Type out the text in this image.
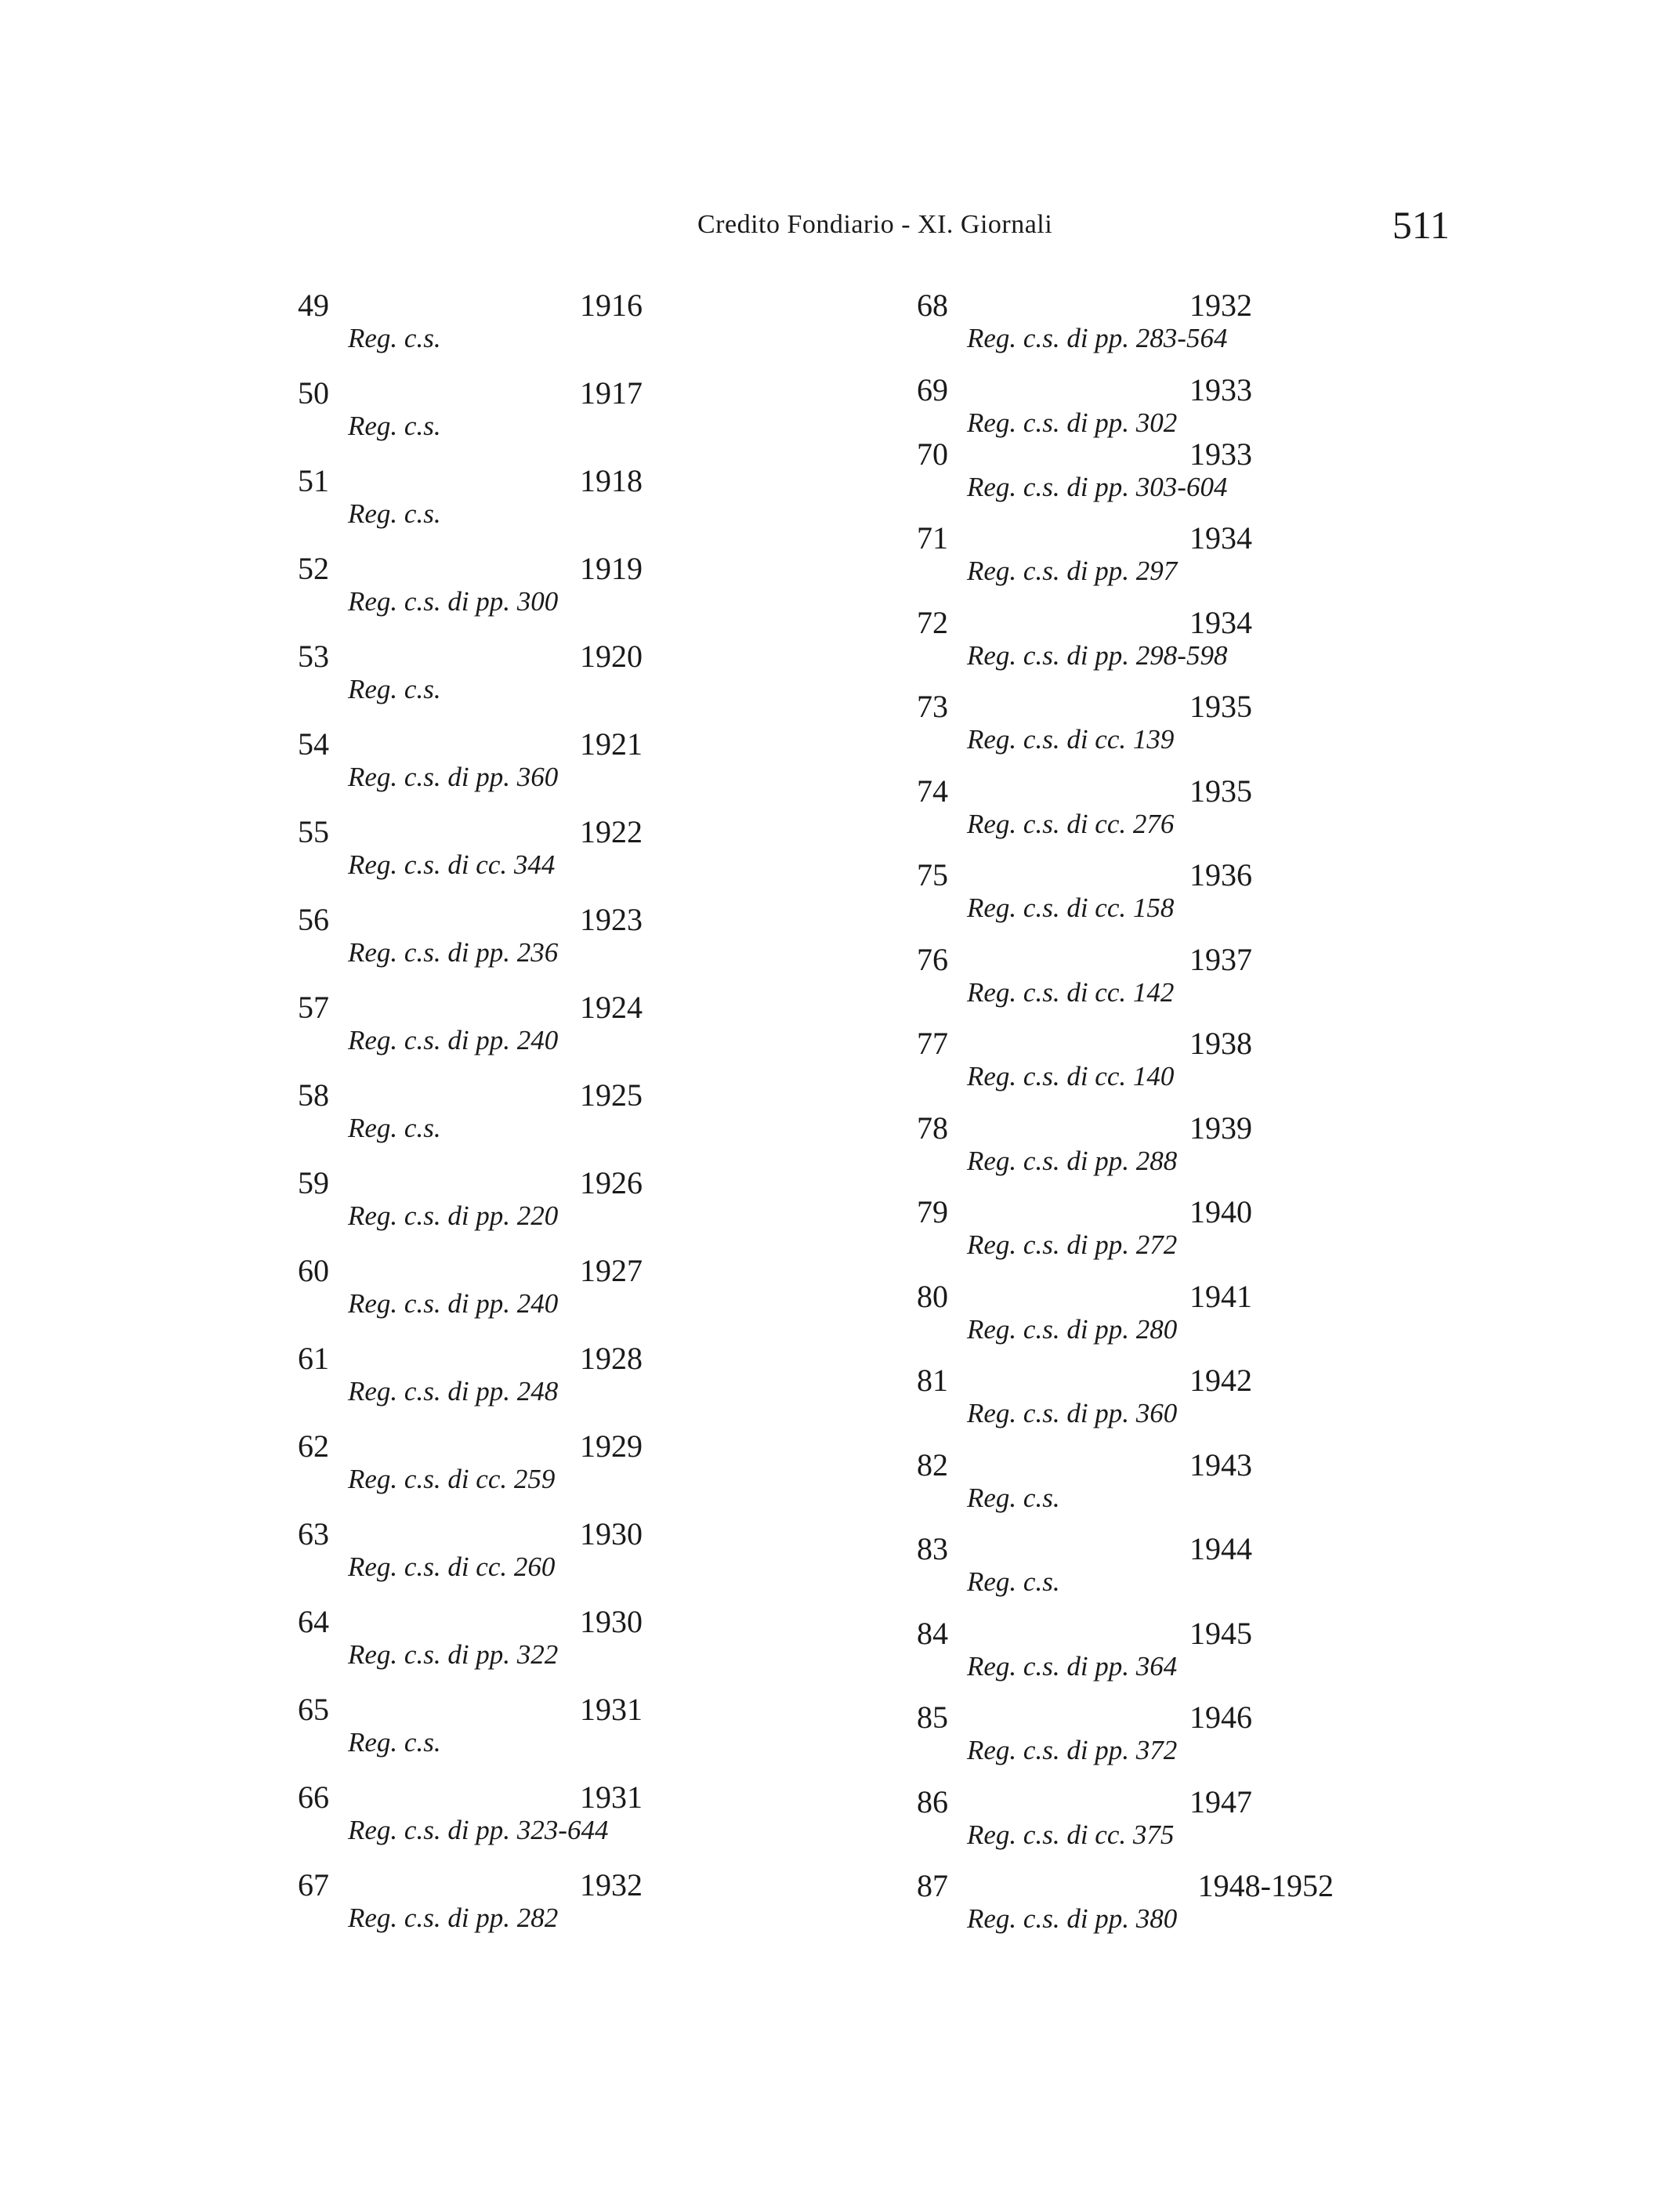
Credito Fondiario - XI. Giornali	511
49	1916
Reg. c.s.
50	1917
Reg. c.s.
51	1918
Reg. c.s.
52	1919
Reg. c.s. di pp. 300
53	1920
Reg. c.s.
54	1921
Reg. c.s. di pp. 360
55	1922
Reg. c.s. di cc. 344
56	1923
Reg. c.s. di pp. 236
57	1924
Reg. c.s. di pp. 240
58	1925
Reg. c.s.
59	1926
Reg. c.s. di pp. 220
60	1927
Reg. c.s. di pp. 240
61	1928
Reg. c.s. di pp. 248
62	1929
Reg. c.s. di cc. 259
63	1930
Reg. c.s. di cc. 260
64	1930
Reg. c.s. di pp. 322
65	1931
Reg. c.s.
66	1931
Reg. c.s. di pp. 323-644
67	1932
Reg. c.s. di pp. 282
68	1932
Reg. c.s. di pp. 283-564
69	1933
Reg. c.s. di pp. 302
70	1933
Reg. c.s. di pp. 303-604
71	1934
Reg. c.s. di pp. 297
72	1934
Reg. c.s. di pp. 298-598
73	1935
Reg. c.s. di cc. 139
74	1935
Reg. c.s. di cc. 276
75	1936
Reg. c.s. di cc. 158
76	1937
Reg. c.s. di cc. 142
77	1938
Reg. c.s. di cc. 140
78	1939
Reg. c.s. di pp. 288
79	1940
Reg. c.s. di pp. 272
80	1941
Reg. c.s. di pp. 280
81	1942
Reg. c.s. di pp. 360
82	1943
Reg. c.s.
83	1944
Reg. c.s.
84	1945
Reg. c.s. di pp. 364
85	1946
Reg. c.s. di pp. 372
86	1947
Reg. c.s. di cc. 375
87	1948-1952
Reg. c.s. di pp. 380
